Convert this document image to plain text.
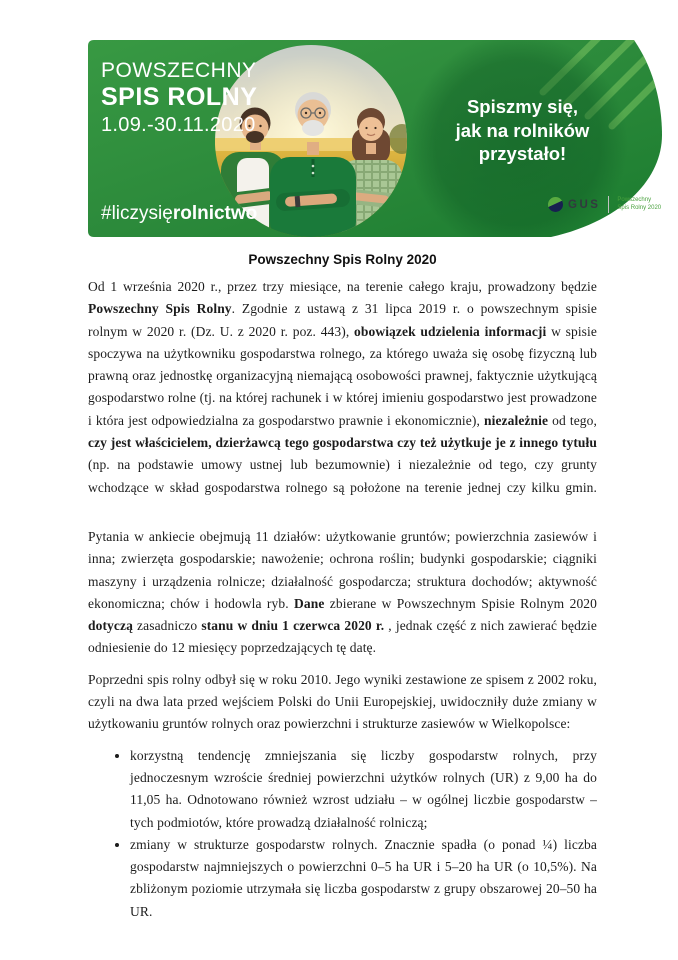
POWSZECHNY
SPIS ROLNY
1.09.-30.11.2020
#liczysięrolnictwo
Spiszmy się,
jak na rolników
przystało!
GUS	Powszechny
Spis Rolny 2020
Powszechny Spis Rolny 2020

Od 1 września 2020 r., przez trzy miesiące, na terenie całego kraju, prowadzony będzie Powszechny Spis Rolny. Zgodnie z ustawą z 31 lipca 2019 r. o powszechnym spisie rolnym w 2020 r. (Dz. U. z 2020 r. poz. 443), obowiązek udzielenia informacji w spisie spoczywa na użytkowniku gospodarstwa rolnego, za którego uważa się osobę fizyczną lub prawną oraz jednostkę organizacyjną niemającą osobowości prawnej, faktycznie użytkującą gospodarstwo rolne (tj. na której rachunek i w której imieniu gospodarstwo jest prowadzone i która jest odpowiedzialna za gospodarstwo prawnie i ekonomicznie), niezależnie od tego, czy jest właścicielem, dzierżawcą tego gospodarstwa czy też użytkuje je z innego tytułu (np. na podstawie umowy ustnej lub bezumownie) i niezależnie od tego, czy grunty wchodzące w skład gospodarstwa rolnego są położone na terenie jednej czy kilku gmin.

Pytania w ankiecie obejmują 11 działów: użytkowanie gruntów; powierzchnia zasiewów i inna; zwierzęta gospodarskie; nawożenie; ochrona roślin; budynki gospodarskie; ciągniki maszyny i urządzenia rolnicze; działalność gospodarcza; struktura dochodów; aktywność ekonomiczna; chów i hodowla ryb. Dane zbierane w Powszechnym Spisie Rolnym 2020 dotyczą zasadniczo stanu w dniu 1 czerwca 2020 r. , jednak część z nich zawierać będzie odniesienie do 12 miesięcy poprzedzających tę datę.

Poprzedni spis rolny odbył się w roku 2010. Jego wyniki zestawione ze spisem z 2002 roku, czyli na dwa lata przed wejściem Polski do Unii Europejskiej, uwidoczniły duże zmiany w użytkowaniu gruntów rolnych oraz powierzchni i strukturze zasiewów w Wielkopolsce:

• korzystną tendencję zmniejszania się liczby gospodarstw rolnych, przy jednoczesnym wzroście średniej powierzchni użytków rolnych (UR) z 9,00 ha do 11,05 ha. Odnotowano również wzrost udziału – w ogólnej liczbie gospodarstw – tych podmiotów, które prowadzą działalność rolniczą;
• zmiany w strukturze gospodarstw rolnych. Znacznie spadła (o ponad ¼) liczba gospodarstw najmniejszych o powierzchni 0–5 ha UR i 5–20 ha UR (o 10,5%). Na zbliżonym poziomie utrzymała się liczba gospodarstw z grupy obszarowej 20–50 ha UR.
